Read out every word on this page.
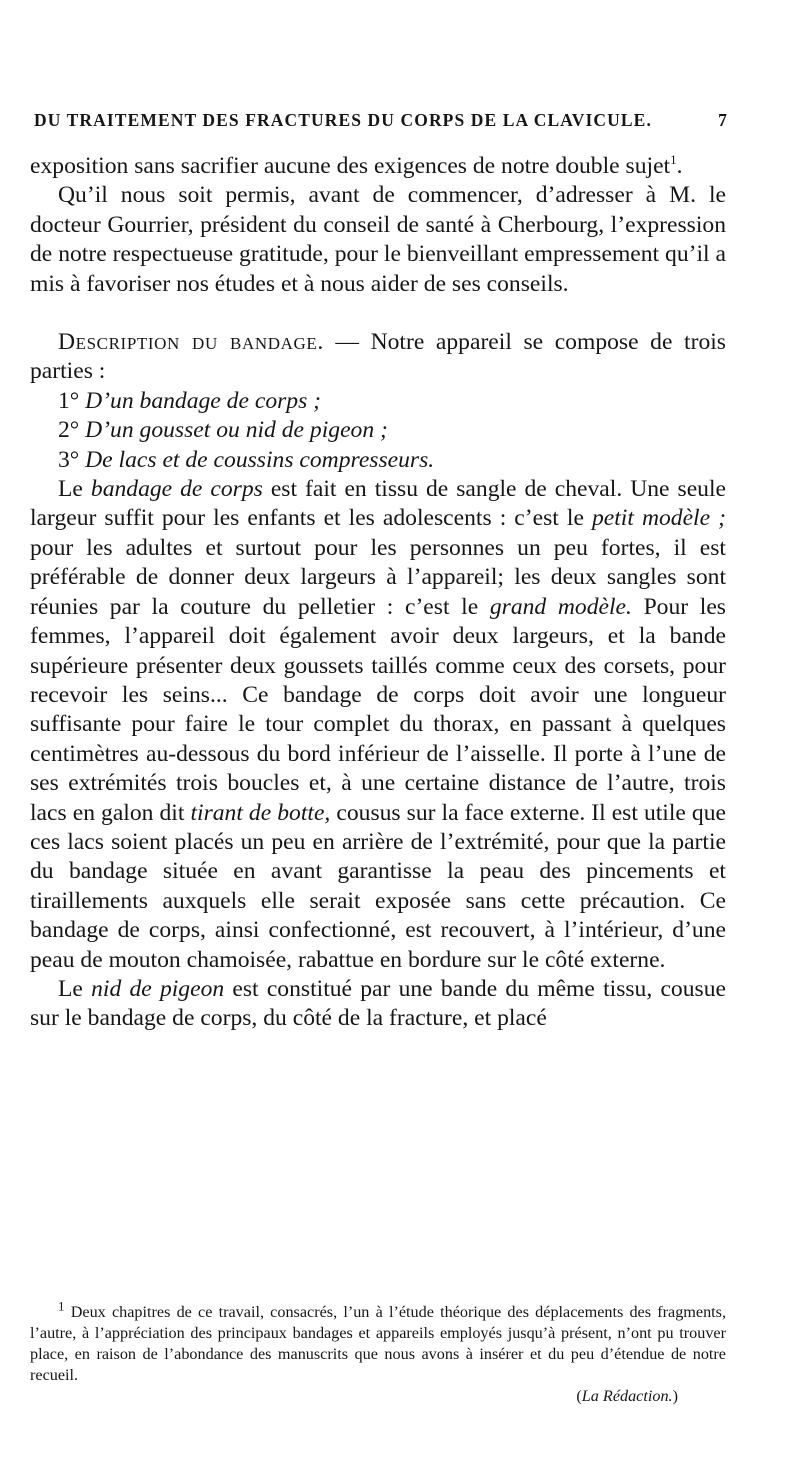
DU TRAITEMENT DES FRACTURES DU CORPS DE LA CLAVICULE.	7

exposition sans sacrifier aucune des exigences de notre double sujet$^1$.

Qu’il nous soit permis, avant de commencer, d’adresser à M. le docteur Gourrier, président du conseil de santé à Cherbourg, l’expression de notre respectueuse gratitude, pour le bienveillant empressement qu’il a mis à favoriser nos études et à nous aider de ses conseils.

Description du bandage. — Notre appareil se compose de trois parties :

1° D’un bandage de corps ;

2° D’un gousset ou nid de pigeon ;

3° De lacs et de coussins compresseurs.

Le bandage de corps est fait en tissu de sangle de cheval. Une seule largeur suffit pour les enfants et les adolescents : c’est le petit modèle ; pour les adultes et surtout pour les personnes un peu fortes, il est préférable de donner deux largeurs à l’appareil; les deux sangles sont réunies par la couture du pelletier : c’est le grand modèle. Pour les femmes, l’appareil doit également avoir deux largeurs, et la bande supérieure présenter deux goussets taillés comme ceux des corsets, pour recevoir les seins... Ce bandage de corps doit avoir une longueur suffisante pour faire le tour complet du thorax, en passant à quelques centimètres au-dessous du bord inférieur de l’aisselle. Il porte à l’une de ses extrémités trois boucles et, à une certaine distance de l’autre, trois lacs en galon dit tirant de botte, cousus sur la face externe. Il est utile que ces lacs soient placés un peu en arrière de l’extrémité, pour que la partie du bandage située en avant garantisse la peau des pincements et tiraillements auxquels elle serait exposée sans cette précaution. Ce bandage de corps, ainsi confectionné, est recouvert, à l’intérieur, d’une peau de mouton chamoisée, rabattue en bordure sur le côté externe.

Le nid de pigeon est constitué par une bande du même tissu, cousue sur le bandage de corps, du côté de la fracture, et placé

$^1$ Deux chapitres de ce travail, consacrés, l’un à l’étude théorique des déplacements des fragments, l’autre, à l’appréciation des principaux bandages et appareils employés jusqu’à présent, n’ont pu trouver place, en raison de l’abondance des manuscrits que nous avons à insérer et du peu d’étendue de notre recueil.

(La Rédaction.)
